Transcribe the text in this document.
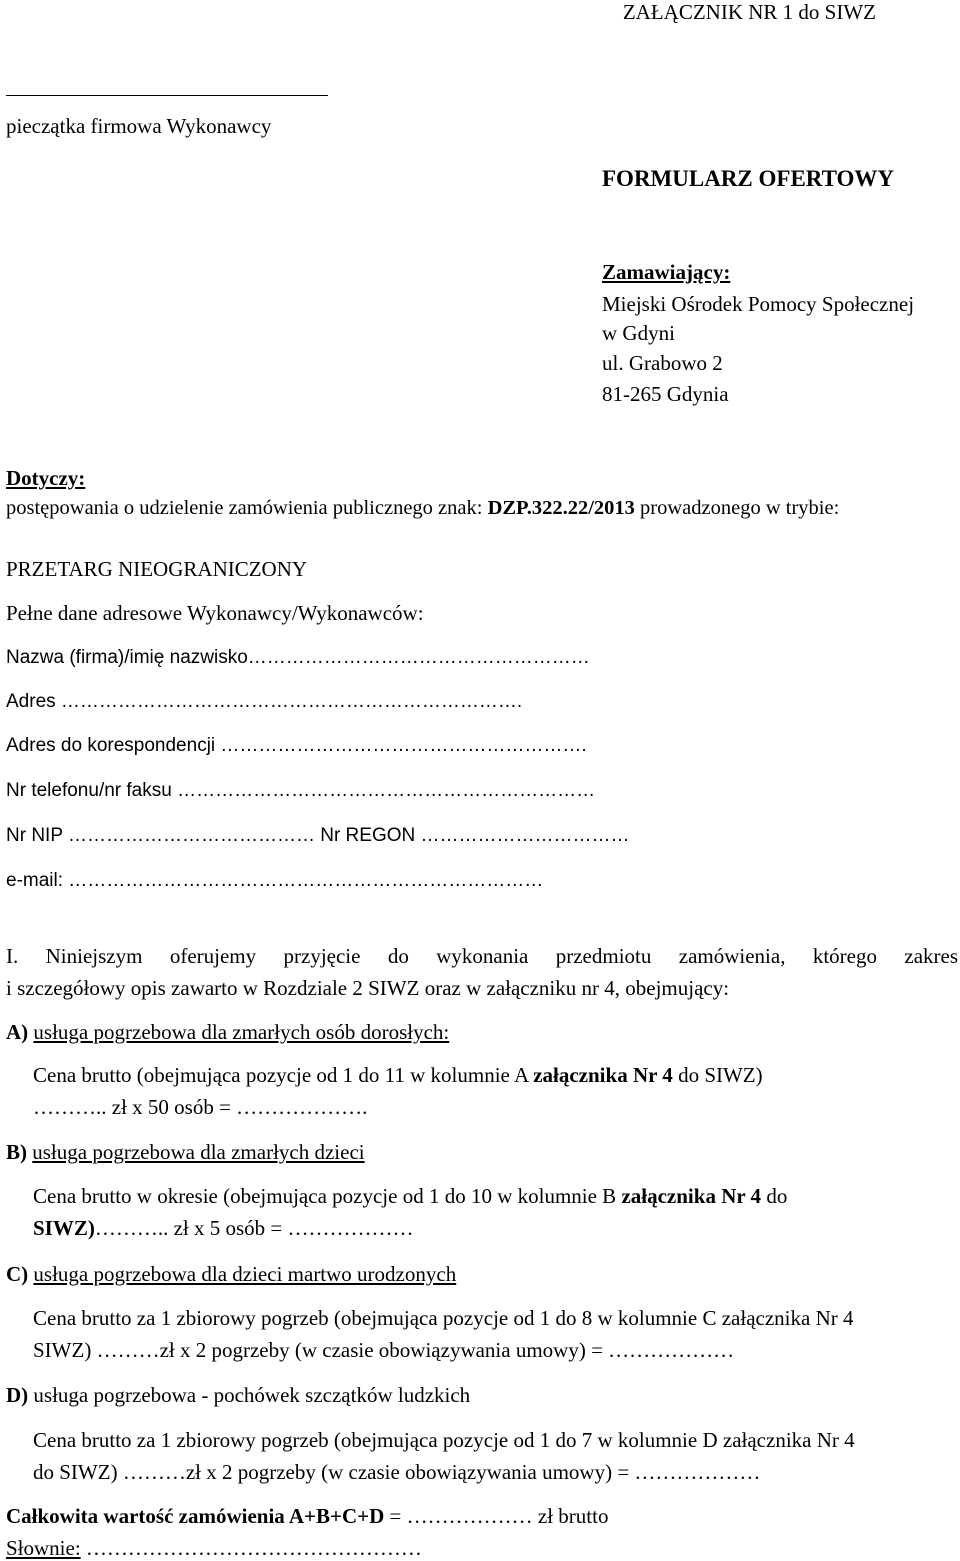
ZAŁĄCZNIK NR 1 do SIWZ
pieczątka firmowa Wykonawcy
FORMULARZ OFERTOWY
Zamawiający:
Miejski Ośrodek Pomocy Społecznej
w Gdyni
ul. Grabowo 2
81-265 Gdynia
Dotyczy:
postępowania o udzielenie zamówienia publicznego znak: DZP.322.22/2013 prowadzonego w trybie:
PRZETARG NIEOGRANICZONY
Pełne dane adresowe Wykonawcy/Wykonawców:
Nazwa (firma)/imię nazwisko………………………………………………
Adres ……………………………………………………………….
Adres do korespondencji ………………………………………………….
Nr telefonu/nr faksu …………………………………………………………
Nr NIP ………………………………… Nr REGON ……………………………
e-mail: …………………………………………………………………
I. Niniejszym oferujemy przyjęcie do wykonania przedmiotu zamówienia, którego zakres
i szczegółowy opis zawarto w Rozdziale 2 SIWZ oraz w załączniku nr 4, obejmujący:
A) usługa pogrzebowa dla zmarłych osób dorosłych:
Cena brutto (obejmująca pozycje od 1 do 11 w kolumnie A załącznika Nr 4 do SIWZ)
……….. zł x 50 osób = ……………….
B) usługa pogrzebowa dla zmarłych dzieci
Cena brutto w okresie (obejmująca pozycje od 1 do 10 w kolumnie B załącznika Nr 4 do
SIWZ)……….. zł x 5 osób = ………………
C) usługa pogrzebowa dla dzieci martwo urodzonych
Cena brutto za 1 zbiorowy pogrzeb (obejmująca pozycje od 1 do 8 w kolumnie C załącznika Nr 4
SIWZ) ………zł x 2 pogrzeby (w czasie obowiązywania umowy) = ………………
D) usługa pogrzebowa - pochówek szczątków ludzkich
Cena brutto za 1 zbiorowy pogrzeb (obejmująca pozycje od 1 do 7 w kolumnie D załącznika Nr 4
do SIWZ) ………zł x 2 pogrzeby (w czasie obowiązywania umowy) = ………………
Całkowita wartość zamówienia A+B+C+D = ……………… zł brutto
Słownie: …………………………………………
